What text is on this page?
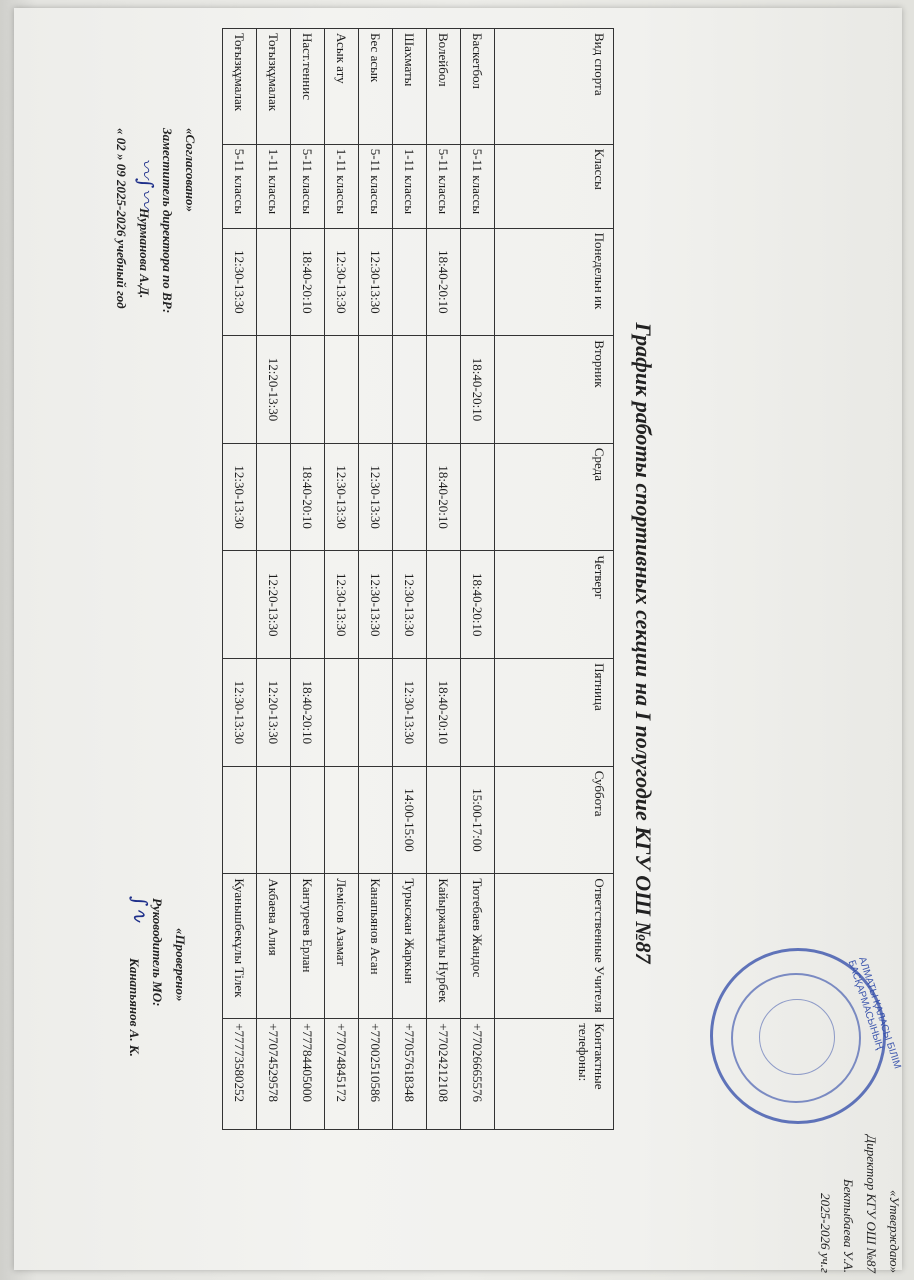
График работы спортивных секции на I полугодие КГУ ОШ №87
Вид спорта	Классы	Понедельн ик	Вторник	Среда	Четверг	Пятница	Суббота	Ответственные Учителя	Контактные телефоны:
Баскетбол	5-11 классы		18:40-20:10		18:40-20:10		15:00-17:00	Тютебаев Жандос	+77026665576
Волейбол	5-11 классы	18:40-20:10		18:40-20:10		18:40-20:10		Кайыржанұлы Нурбек	+77024212108
Шахматы	1-11 классы				12:30-13:30	12:30-13:30	14:00-15:00	Турысжан Жаркын	+77057618348
Бес асык	5-11 классы	12:30-13:30		12:30-13:30	12:30-13:30			Канапьянов Асан	+77002510586
Асык ату	1-11 классы	12:30-13:30		12:30-13:30	12:30-13:30			Лемісов Азамат	+77074845172
Наст.теннис	5-11 классы	18:40-20:10		18:40-20:10		18:40-20:10		Кантуреев Ерлан	+77784405000
Тоғызқұмалак	1-11 классы		12:20-13:30		12:20-13:30	12:20-13:30		Акбаева Алия	+77074529578
Тоғызқұмалак	5-11 классы	12:30-13:30		12:30-13:30		12:30-13:30		Куанышбекұлы Тілек	+77773580252	АЛМАТЫ ҚАЛАСЫ БІЛІМ БАСҚАРМАСЫНЫҢ
«Утверждаю»
Директор КГУ ОШ №87
Бектыбаева У.А.
2025-2026 уч.г
«Согласовано»
Заместитель директора по ВР:
Нурманова А.Д.
« 02 » 09 2025-2026 учебный год 〰∫〰
«Проверено»
Руководитель МО:
Канапьянов А. К.
∫∿
